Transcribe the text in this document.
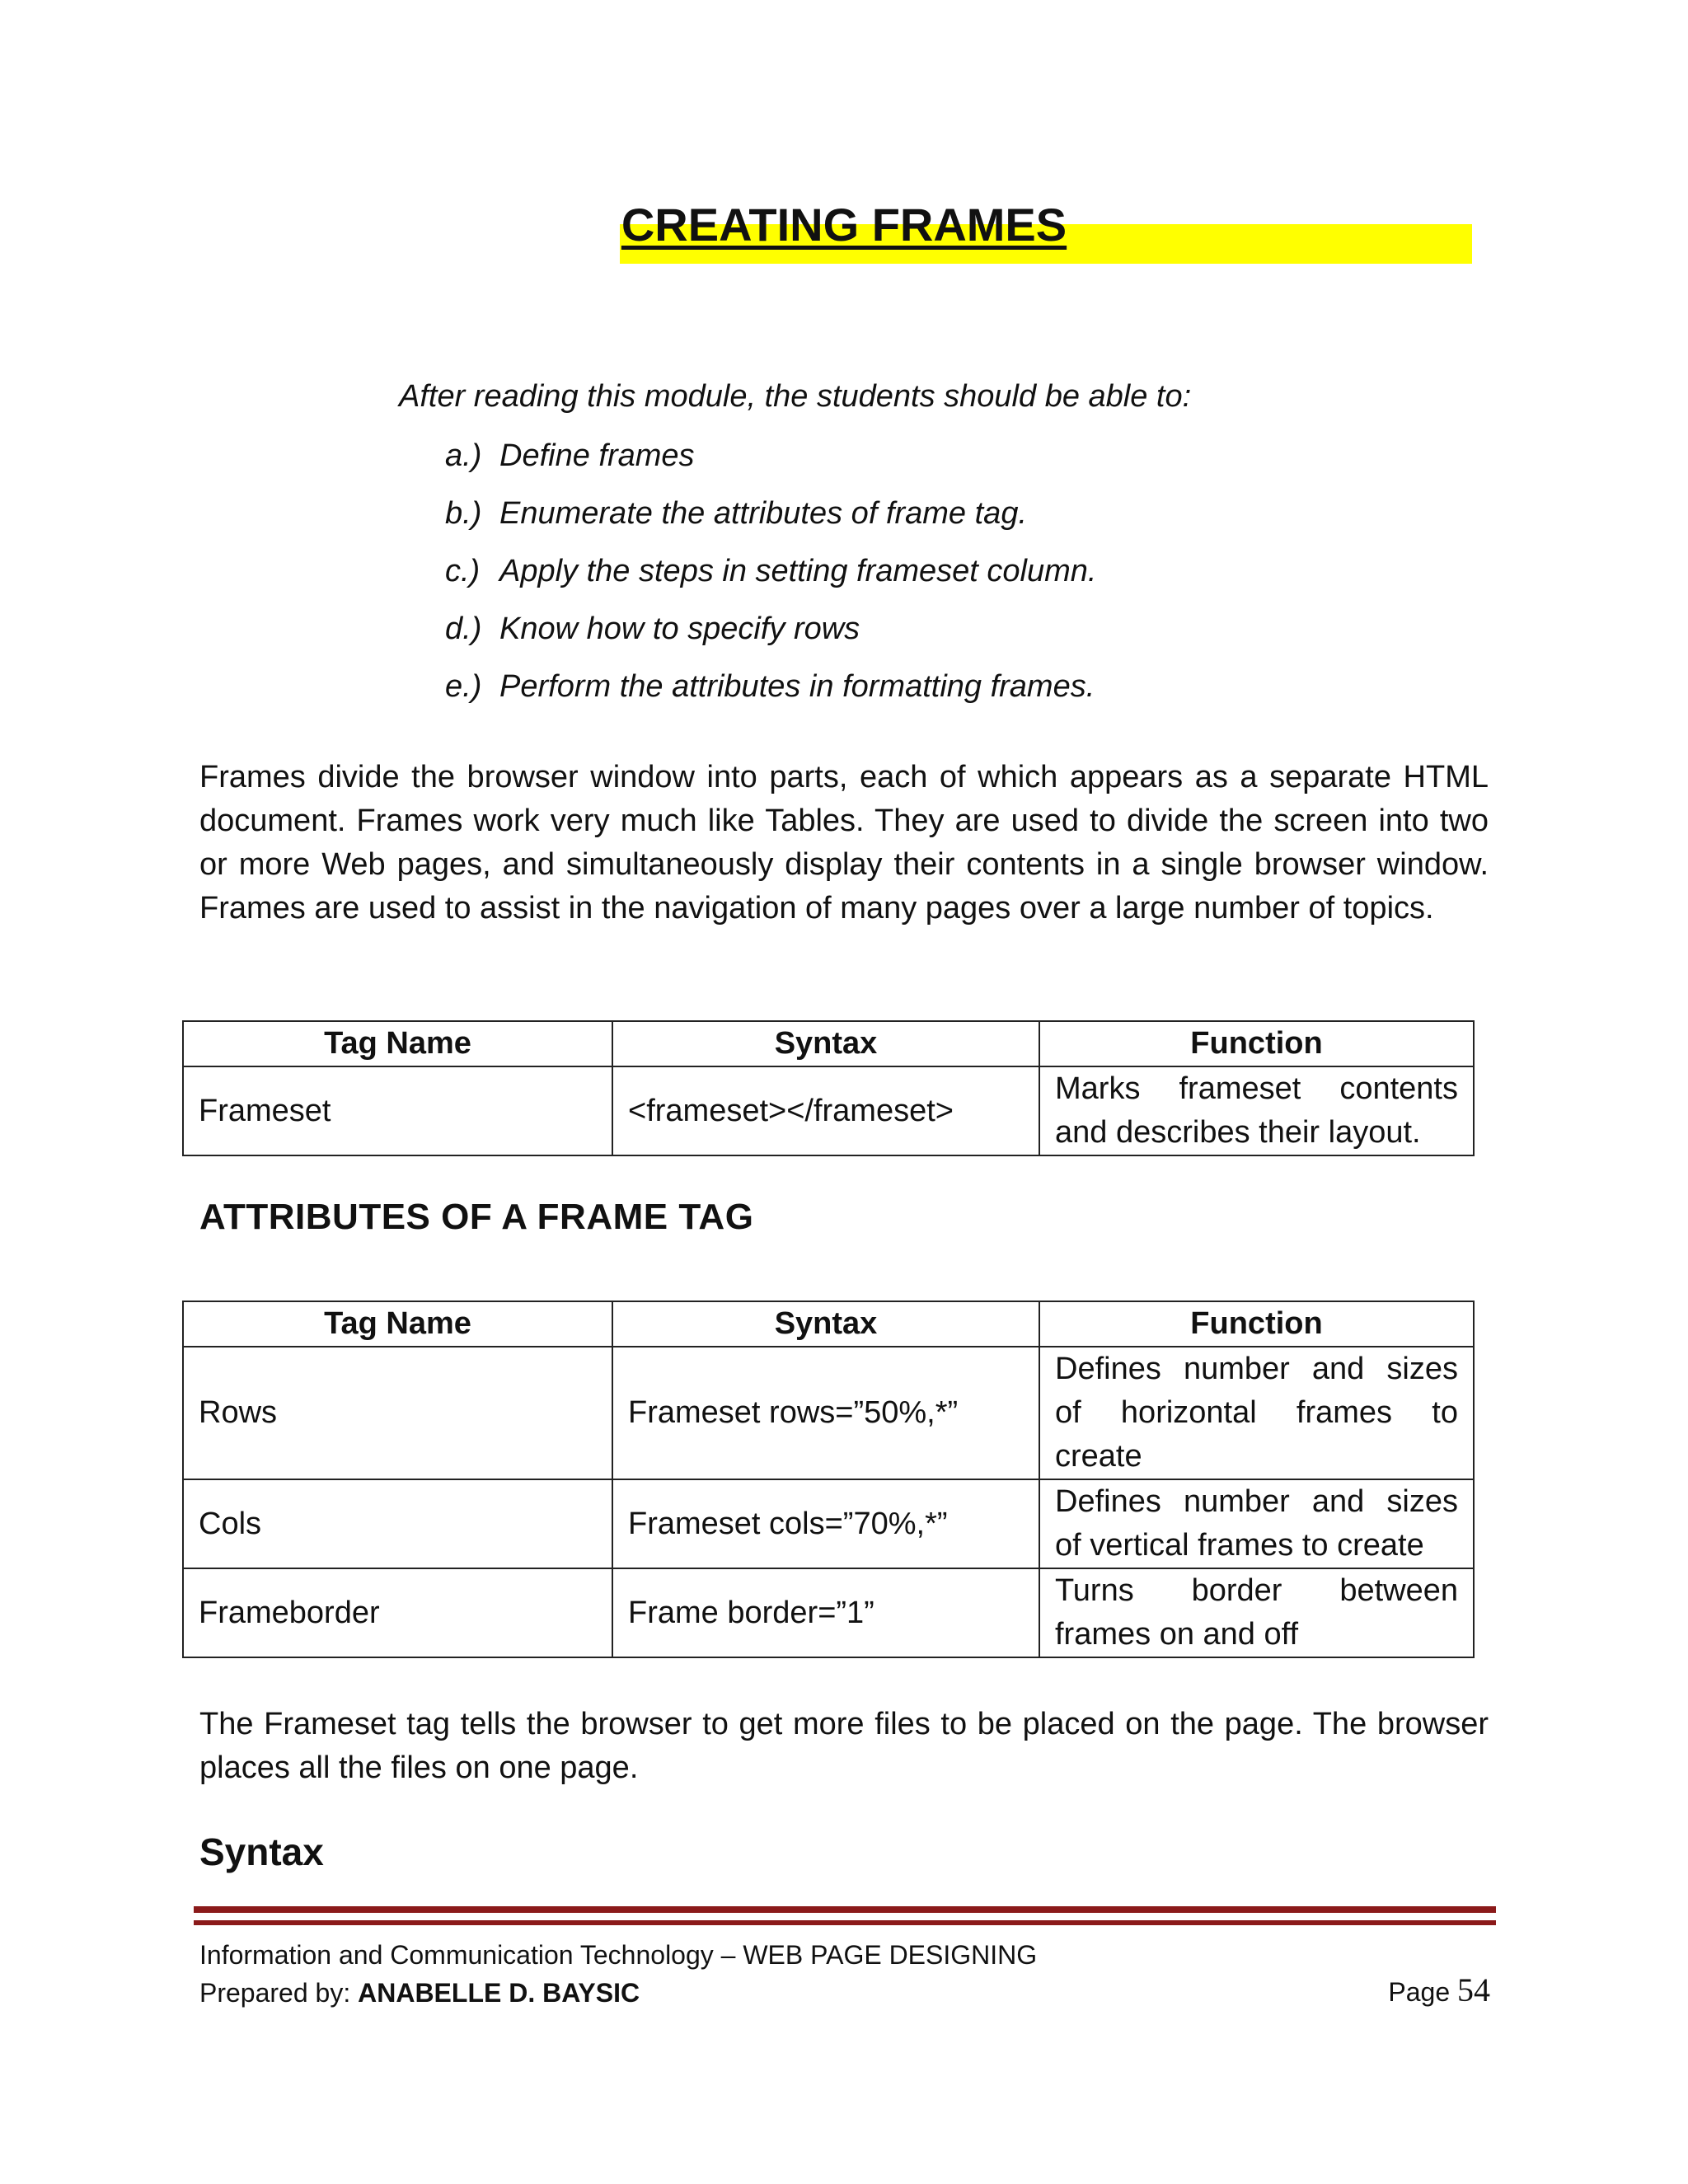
CREATING FRAMES

After reading this module, the students should be able to:

a.) Define frames
b.) Enumerate the attributes of frame tag.
c.) Apply the steps in setting frameset column.
d.) Know how to specify rows
e.) Perform the attributes in formatting frames.

Frames divide the browser window into parts, each of which appears as a separate HTML document. Frames work very much like Tables. They are used to divide the screen into two or more Web pages, and simultaneously display their contents in a single browser window. Frames are used to assist in the navigation of many pages over a large number of topics.

Tag Name	Syntax	Function
Frameset	<frameset></frameset>	Marks frameset contents
and describes their layout.
ATTRIBUTES OF A FRAME TAG
Tag Name	Syntax	Function
Rows	Frameset rows=”50%,*”	Defines number and sizes
of horizontal frames to
create

Cols	Frameset cols=”70%,*”	Defines number and sizes
of vertical frames to create

Frameborder	Frame border=”1”	Turns border between
frames on and off

The Frameset tag tells the browser to get more files to be placed on the page. The browser places all the files on one page.

Syntax

Information and Communication Technology – WEB PAGE DESIGNING

Prepared by: ANABELLE D. BAYSIC	Page 54
